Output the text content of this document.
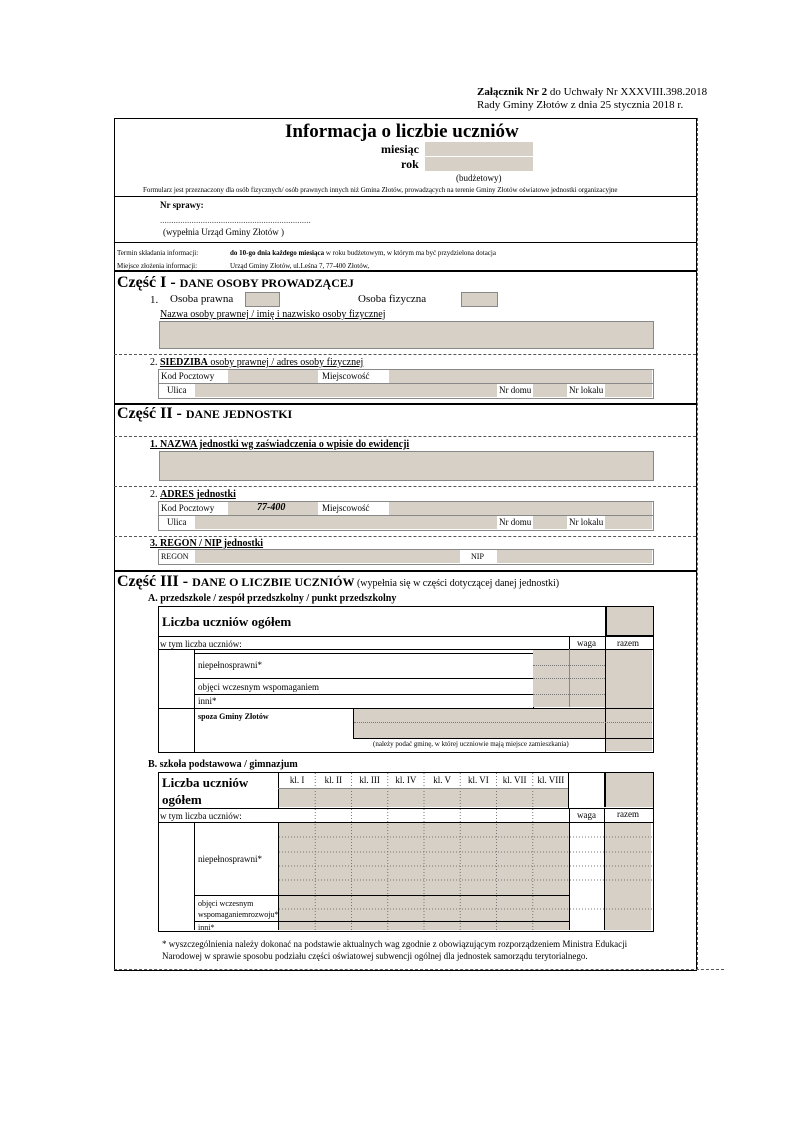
Załącznik Nr 2 do Uchwały Nr XXXVIII.398.2018
Rady Gminy Złotów z dnia 25 stycznia 2018 r.
Informacja o liczbie uczniów
miesiąc
rok
(budżetowy)
Formularz jest przeznaczony dla osób fizycznych/ osób prawnych innych niż Gmina Złotów, prowadzących na terenie Gminy Złotów oświatowe jednostki organizacyjne
Nr sprawy:
...................................................................
(wypełnia Urząd Gminy Złotów )
Termin składania informacji:	do 10-go dnia każdego miesiąca w roku budżetowym, w którym ma być przydzielona dotacja
Miejsce złożenia informacji:	Urząd Gminy Złotów, ul.Leśna 7, 77-400 Złotów,
Część I - DANE OSOBY PROWADZĄCEJ
1. Osoba prawna	Osoba fizyczna
Nazwa osoby prawnej / imię i nazwisko osoby fizycznej
2. SIEDZIBA osoby prawnej / adres osoby fizycznej
Kod Pocztowy	Miejscowość
Ulica	Nr domu	Nr lokalu
Część II - DANE JEDNOSTKI
1. NAZWA jednostki wg zaświadczenia o wpisie do ewidencji
2. ADRES jednostki
Kod Pocztowy	77-400	Miejscowość
Ulica	Nr domu	Nr lokalu
3. REGON / NIP jednostki
REGON	NIP
Część III - DANE O LICZBIE UCZNIÓW (wypełnia się w części dotyczącej danej jednostki)
A. przedszkole / zespół przedszkolny / punkt przedszkolny
Liczba uczniów ogółem
w tym liczba uczniów:	waga razem
niepełnosprawni*
objęci wczesnym wspomaganiem
inni*
spoza Gminy Złotów
(należy podać gminę, w której uczniowie mają miejsce zamieszkania)
B. szkoła podstawowa / gimnazjum
Liczba uczniów
ogółem
w tym liczba uczniów:	waga razem
niepełnosprawni*
objęci wczesnym
wspomaganiemrozwoju*
inni*
kl. I	kl. II	kl. III	kl. IV	kl. V	kl. VI	kl. VII	kl. VIII
* wyszczególnienia należy dokonać na podstawie aktualnych wag zgodnie z obowiązującym rozporządzeniem Ministra Edukacji
Narodowej w sprawie sposobu podziału części oświatowej subwencji ogólnej dla jednostek samorządu terytorialnego.
